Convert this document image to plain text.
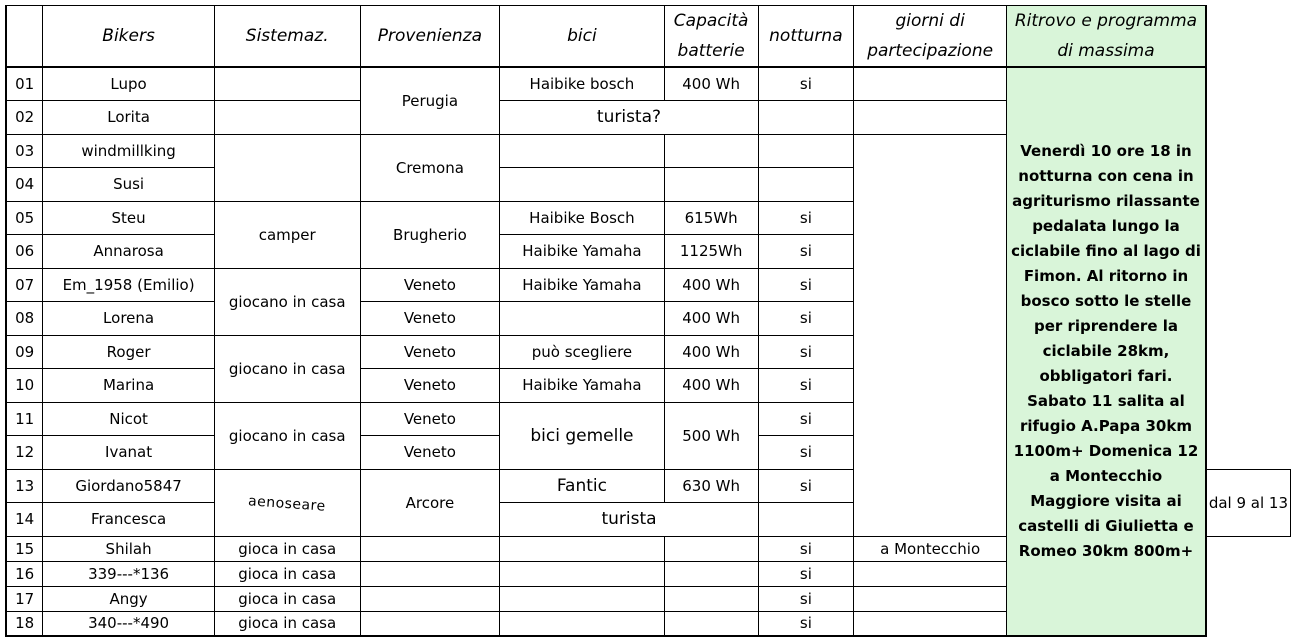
	Bikers	Sistemaz.	Provenienza	bici	Capacità batterie	notturna	giorni di partecipazione	Ritrovo e programma di massima	
01	Lupo		Perugia	Haibike bosch	400 Wh	si		Venerdì 10 ore 18 in notturna con cena in agriturismo rilassante pedalata lungo la ciclabile fino al lago di Fimon. Al ritorno in bosco sotto le stelle per riprendere la ciclabile 28km, obbligatori fari. Sabato 11 salita al rifugio A.Papa 30km 1100m+ Domenica 12 a Montecchio Maggiore visita ai castelli di Giulietta e Romeo 30km 800m+	
02	Lorita			turista?					
03	windmillking		Cremona						
04	Susi								
05	Steu	camper	Brugherio	Haibike Bosch	615Wh	si			
06	Annarosa			Haibike Yamaha	1125Wh	si			
07	Em_1958 (Emilio)	giocano in casa	Veneto	Haibike Yamaha	400 Wh	si			
08	Lorena		Veneto		400 Wh	si			
09	Roger	giocano in casa	Veneto	può scegliere	400 Wh	si			
10	Marina		Veneto	Haibike Yamaha	400 Wh	si			
11	Nicot	giocano in casa	Veneto	bici gemelle	500 Wh	si			
12	Ivanat		Veneto			si			
13	Giordano5847	aenoseare	Arcore	Fantic	630 Wh	si			dal 9 al 13
14	Francesca			turista					
15	Shilah	gioca in casa				si	a Montecchio		
16	339---*136	gioca in casa				si			
17	Angy	gioca in casa				si			
18	340---*490	gioca in casa				si			
